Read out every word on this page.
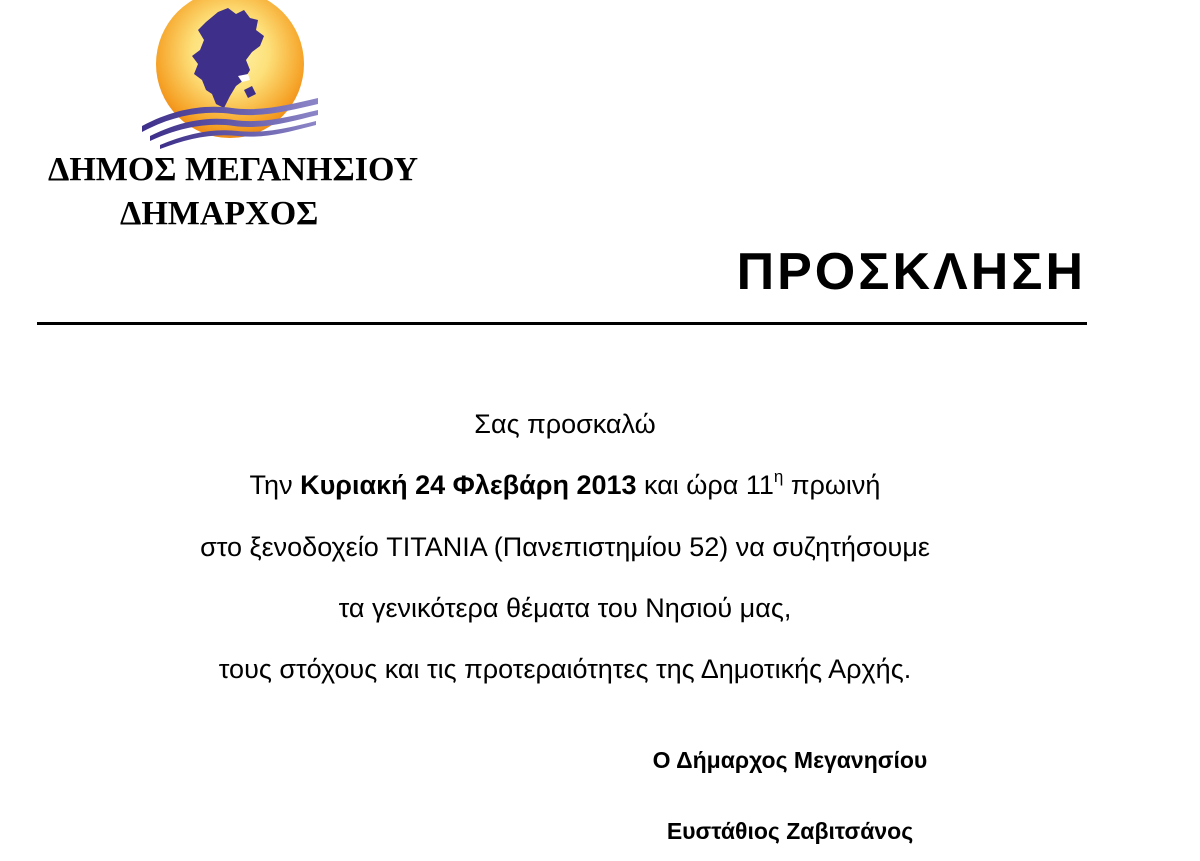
ΔΗΜΟΣ ΜΕΓΑΝΗΣΙΟΥ
ΔΗΜΑΡΧΟΣ
ΠΡΟΣΚΛΗΣΗ
Σας προσκαλώ
Την Κυριακή 24 Φλεβάρη 2013 και ώρα $11^\eta$ πρωινή
στο ξενοδοχείο TITANIA (Πανεπιστημίου 52) να συζητήσουμε
τα γενικότερα θέματα του Νησιού μας,
τους στόχους και τις προτεραιότητες της Δημοτικής Αρχής.
Ο Δήμαρχος Μεγανησίου
Ευστάθιος Ζαβιτσάνος
